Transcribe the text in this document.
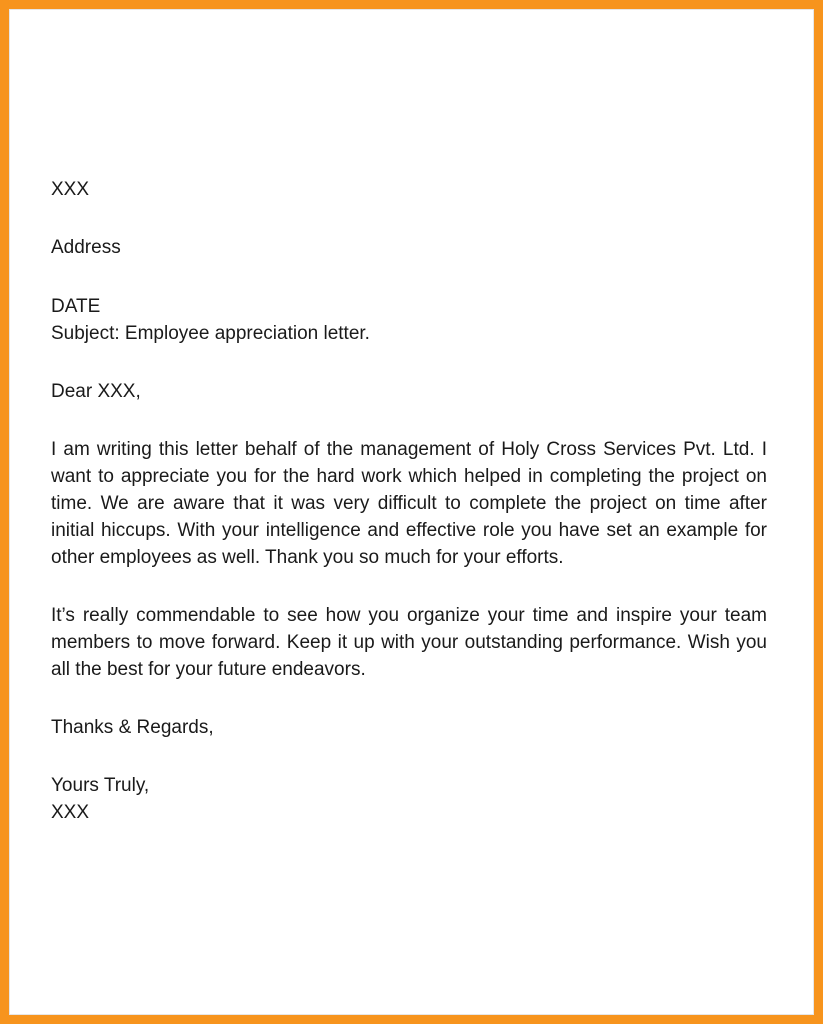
XXX

Address

DATE

Subject: Employee appreciation letter.

Dear XXX,

I am writing this letter behalf of the management of Holy Cross Services Pvt. Ltd. I want to appreciate you for the hard work which helped in completing the project on time. We are aware that it was very difficult to complete the project on time after initial hiccups. With your intelligence and effective role you have set an example for other employees as well. Thank you so much for your efforts.

It’s really commendable to see how you organize your time and inspire your team members to move forward. Keep it up with your outstanding performance. Wish you all the best for your future endeavors.

Thanks & Regards,

Yours Truly,

XXX
